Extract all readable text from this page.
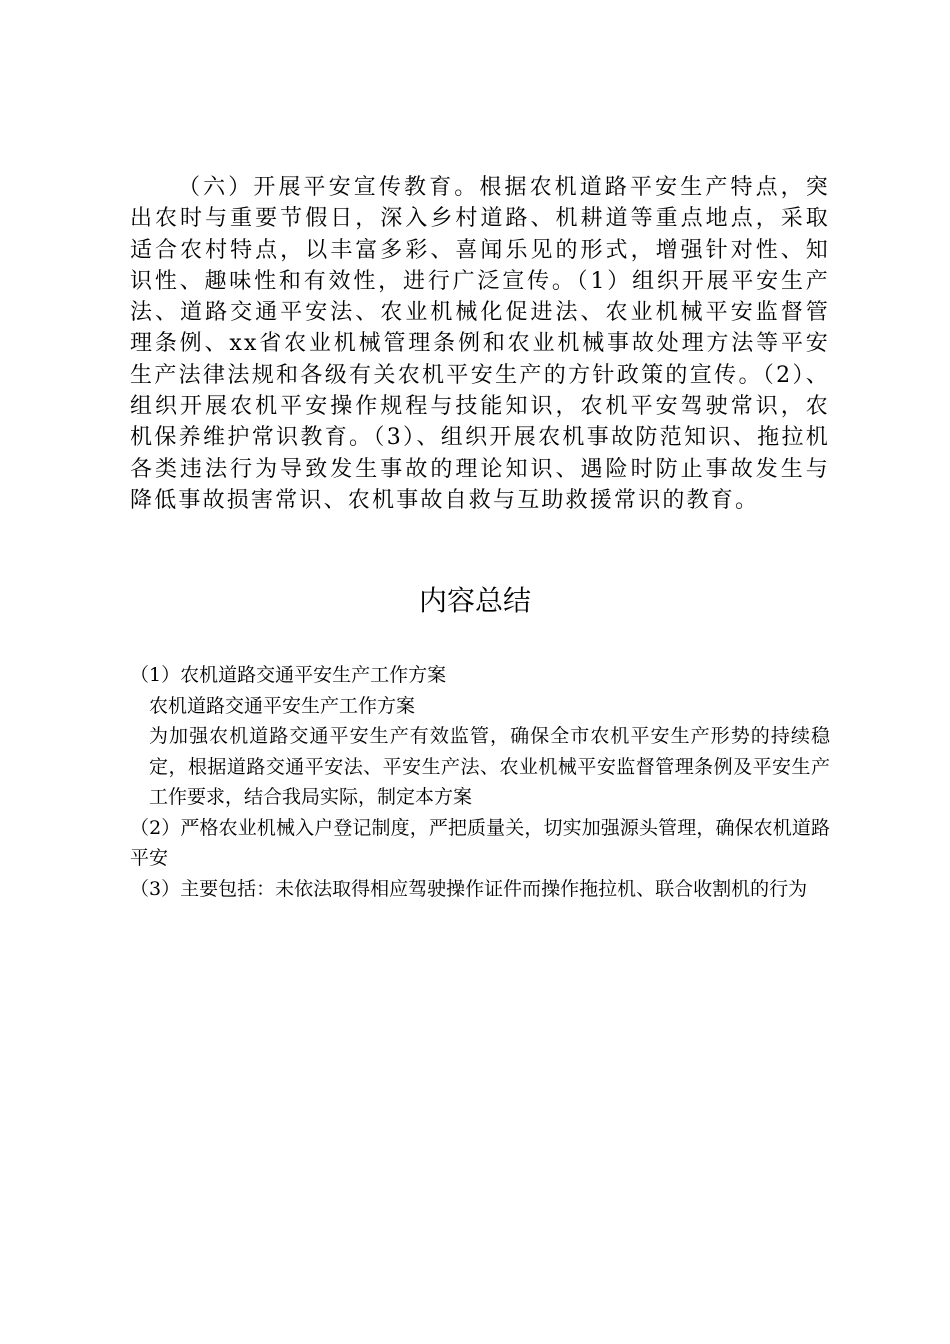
（六）开展平安宣传教育。根据农机道路平安生产特点，突出农时与重要节假日，深入乡村道路、机耕道等重点地点，采取适合农村特点，以丰富多彩、喜闻乐见的形式，增强针对性、知识性、趣味性和有效性，进行广泛宣传。（1）组织开展平安生产法、道路交通平安法、农业机械化促进法、农业机械平安监督管理条例、xx省农业机械管理条例和农业机械事故处理方法等平安生产法律法规和各级有关农机平安生产的方针政策的宣传。（2）、组织开展农机平安操作规程与技能知识，农机平安驾驶常识，农机保养维护常识教育。（3）、组织开展农机事故防范知识、拖拉机各类违法行为导致发生事故的理论知识、遇险时防止事故发生与降低事故损害常识、农机事故自救与互助救援常识的教育。

内容总结

（1）农机道路交通平安生产工作方案

农机道路交通平安生产工作方案

为加强农机道路交通平安生产有效监管，确保全市农机平安生产形势的持续稳定，根据道路交通平安法、平安生产法、农业机械平安监督管理条例及平安生产工作要求，结合我局实际，制定本方案

（2）严格农业机械入户登记制度，严把质量关，切实加强源头管理，确保农机道路平安

（3）主要包括：未依法取得相应驾驶操作证件而操作拖拉机、联合收割机的行为
